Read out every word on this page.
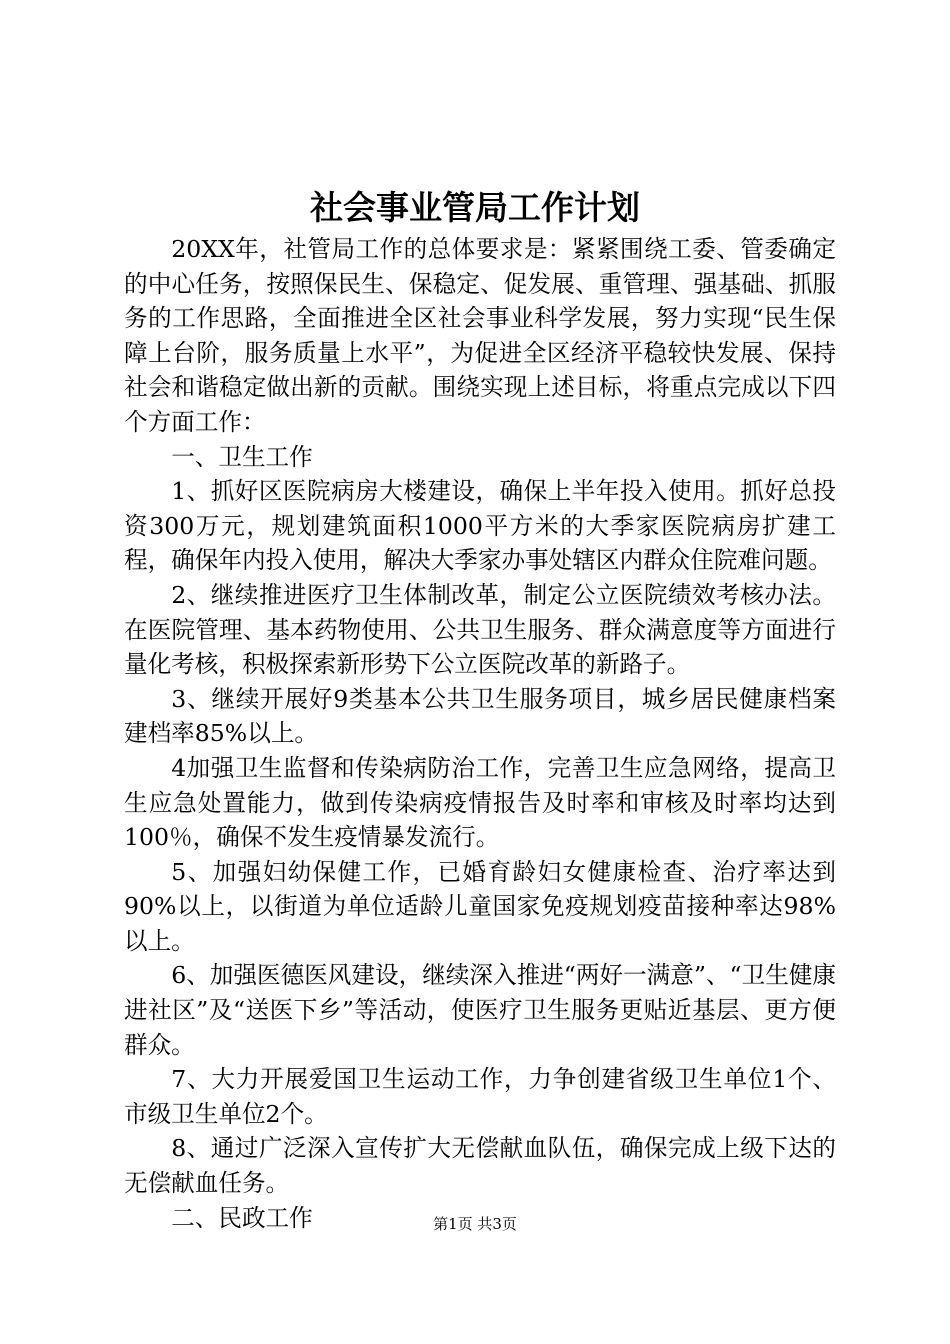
社会事业管局工作计划

20XX年，社管局工作的总体要求是：紧紧围绕工委、管委确定的中心任务，按照保民生、保稳定、促发展、重管理、强基础、抓服务的工作思路，全面推进全区社会事业科学发展，努力实现“民生保障上台阶，服务质量上水平”，为促进全区经济平稳较快发展、保持社会和谐稳定做出新的贡献。围绕实现上述目标，将重点完成以下四个方面工作：

一、卫生工作

1、抓好区医院病房大楼建设，确保上半年投入使用。抓好总投资300万元，规划建筑面积1000平方米的大季家医院病房扩建工程，确保年内投入使用，解决大季家办事处辖区内群众住院难问题。

2、继续推进医疗卫生体制改革，制定公立医院绩效考核办法。在医院管理、基本药物使用、公共卫生服务、群众满意度等方面进行量化考核，积极探索新形势下公立医院改革的新路子。

3、继续开展好9类基本公共卫生服务项目，城乡居民健康档案建档率85%以上。

4加强卫生监督和传染病防治工作，完善卫生应急网络，提高卫生应急处置能力，做到传染病疫情报告及时率和审核及时率均达到100％，确保不发生疫情暴发流行。

5、加强妇幼保健工作，已婚育龄妇女健康检查、治疗率达到90%以上，以街道为单位适龄儿童国家免疫规划疫苗接种率达98%以上。

6、加强医德医风建设，继续深入推进“两好一满意”、“卫生健康进社区”及“送医下乡”等活动，使医疗卫生服务更贴近基层、更方便群众。

7、大力开展爱国卫生运动工作，力争创建省级卫生单位1个、市级卫生单位2个。

8、通过广泛深入宣传扩大无偿献血队伍，确保完成上级下达的无偿献血任务。

二、民政工作	第1页 共3页
